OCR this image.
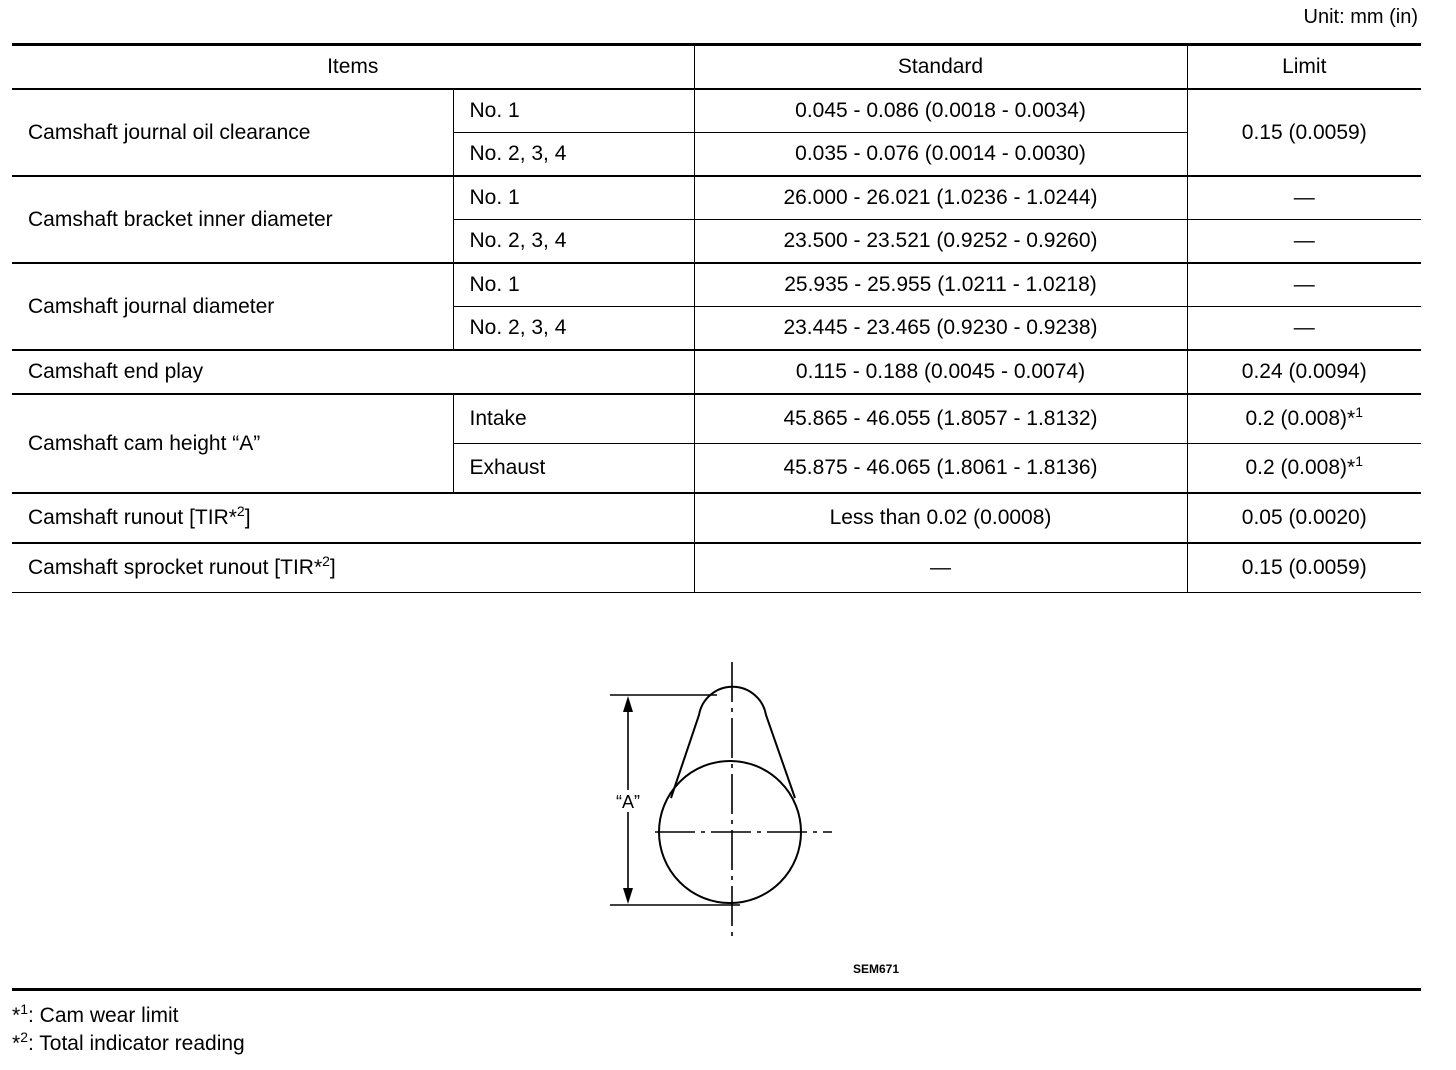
Unit: mm (in)
Items		Standard	Limit
Camshaft journal oil clearance	No. 1	0.045 - 0.086 (0.0018 - 0.0034)	0.15 (0.0059)
	No. 2, 3, 4	0.035 - 0.076 (0.0014 - 0.0030)	
Camshaft bracket inner diameter	No. 1	26.000 - 26.021 (1.0236 - 1.0244)	—
	No. 2, 3, 4	23.500 - 23.521 (0.9252 - 0.9260)	—
Camshaft journal diameter	No. 1	25.935 - 25.955 (1.0211 - 1.0218)	—
	No. 2, 3, 4	23.445 - 23.465 (0.9230 - 0.9238)	—
Camshaft end play		0.115 - 0.188 (0.0045 - 0.0074)	0.24 (0.0094)
Camshaft cam height “A”	Intake	45.865 - 46.055 (1.8057 - 1.8132)	0.2 (0.008)*$^1$
	Exhaust	45.875 - 46.065 (1.8061 - 1.8136)	0.2 (0.008)*$^1$
Camshaft runout [TIR*$^2$]		Less than 0.02 (0.0008)	0.05 (0.0020)
Camshaft sprocket runout [TIR*$^2$]		—	0.15 (0.0059)
“A”
SEM671
*$^1$: Cam wear limit
*$^2$: Total indicator reading
